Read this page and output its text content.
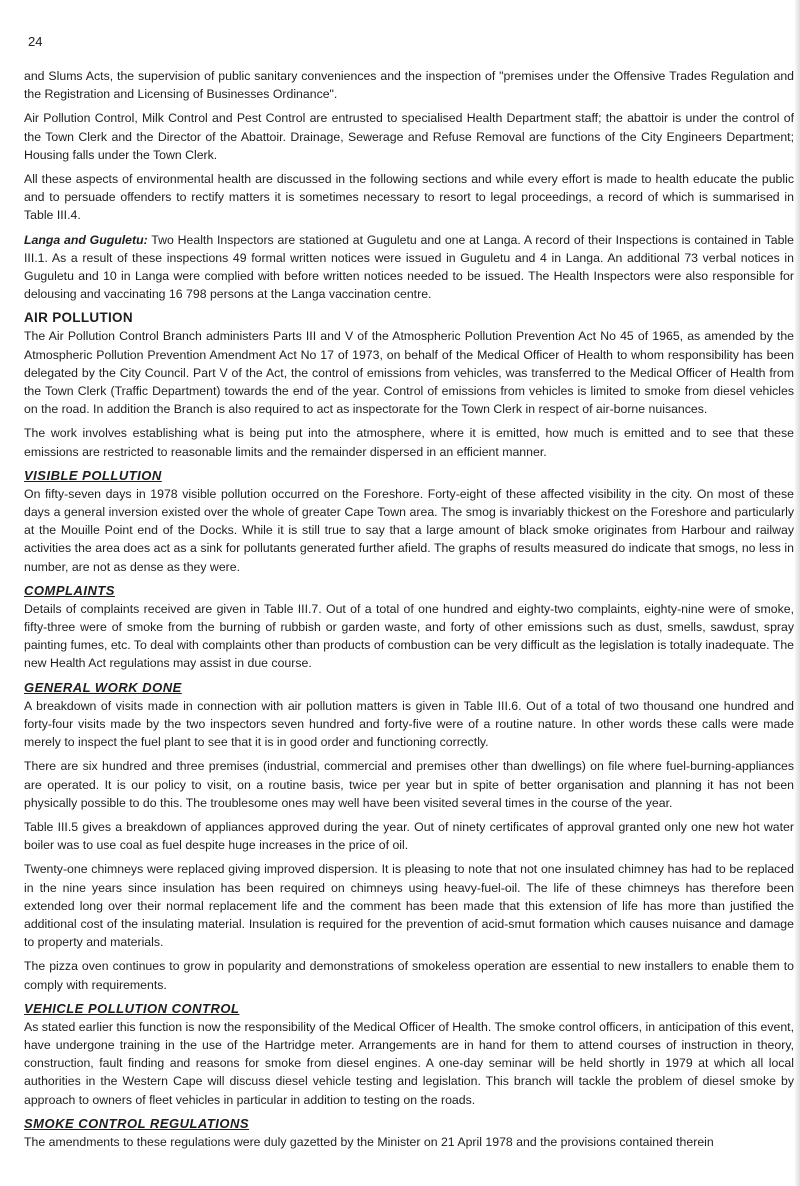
24

and Slums Acts, the supervision of public sanitary conveniences and the inspection of "premises under the Offensive Trades Regulation and the Registration and Licensing of Businesses Ordinance".

Air Pollution Control, Milk Control and Pest Control are entrusted to specialised Health Department staff; the abattoir is under the control of the Town Clerk and the Director of the Abattoir. Drainage, Sewerage and Refuse Removal are functions of the City Engineers Department; Housing falls under the Town Clerk.

All these aspects of environmental health are discussed in the following sections and while every effort is made to health educate the public and to persuade offenders to rectify matters it is sometimes necessary to resort to legal proceedings, a record of which is summarised in Table III.4.

Langa and Guguletu: Two Health Inspectors are stationed at Guguletu and one at Langa. A record of their Inspections is contained in Table III.1. As a result of these inspections 49 formal written notices were issued in Guguletu and 4 in Langa. An additional 73 verbal notices in Guguletu and 10 in Langa were complied with before written notices needed to be issued. The Health Inspectors were also responsible for delousing and vaccinating 16 798 persons at the Langa vaccination centre.

AIR POLLUTION

The Air Pollution Control Branch administers Parts III and V of the Atmospheric Pollution Prevention Act No 45 of 1965, as amended by the Atmospheric Pollution Prevention Amendment Act No 17 of 1973, on behalf of the Medical Officer of Health to whom responsibility has been delegated by the City Council. Part V of the Act, the control of emissions from vehicles, was transferred to the Medical Officer of Health from the Town Clerk (Traffic Department) towards the end of the year. Control of emissions from vehicles is limited to smoke from diesel vehicles on the road. In addition the Branch is also required to act as inspectorate for the Town Clerk in respect of air-borne nuisances.

The work involves establishing what is being put into the atmosphere, where it is emitted, how much is emitted and to see that these emissions are restricted to reasonable limits and the remainder dispersed in an efficient manner.

VISIBLE POLLUTION

On fifty-seven days in 1978 visible pollution occurred on the Foreshore. Forty-eight of these affected visibility in the city. On most of these days a general inversion existed over the whole of greater Cape Town area. The smog is invariably thickest on the Foreshore and particularly at the Mouille Point end of the Docks. While it is still true to say that a large amount of black smoke originates from Harbour and railway activities the area does act as a sink for pollutants generated further afield. The graphs of results measured do indicate that smogs, no less in number, are not as dense as they were.

COMPLAINTS

Details of complaints received are given in Table III.7. Out of a total of one hundred and eighty-two complaints, eighty-nine were of smoke, fifty-three were of smoke from the burning of rubbish or garden waste, and forty of other emissions such as dust, smells, sawdust, spray painting fumes, etc. To deal with complaints other than products of combustion can be very difficult as the legislation is totally inadequate. The new Health Act regulations may assist in due course.

GENERAL WORK DONE

A breakdown of visits made in connection with air pollution matters is given in Table III.6. Out of a total of two thousand one hundred and forty-four visits made by the two inspectors seven hundred and forty-five were of a routine nature. In other words these calls were made merely to inspect the fuel plant to see that it is in good order and functioning correctly.

There are six hundred and three premises (industrial, commercial and premises other than dwellings) on file where fuel-burning-appliances are operated. It is our policy to visit, on a routine basis, twice per year but in spite of better organisation and planning it has not been physically possible to do this. The troublesome ones may well have been visited several times in the course of the year.

Table III.5 gives a breakdown of appliances approved during the year. Out of ninety certificates of approval granted only one new hot water boiler was to use coal as fuel despite huge increases in the price of oil.

Twenty-one chimneys were replaced giving improved dispersion. It is pleasing to note that not one insulated chimney has had to be replaced in the nine years since insulation has been required on chimneys using heavy-fuel-oil. The life of these chimneys has therefore been extended long over their normal replacement life and the comment has been made that this extension of life has more than justified the additional cost of the insulating material. Insulation is required for the prevention of acid-smut formation which causes nuisance and damage to property and materials.

The pizza oven continues to grow in popularity and demonstrations of smokeless operation are essential to new installers to enable them to comply with requirements.

VEHICLE POLLUTION CONTROL

As stated earlier this function is now the responsibility of the Medical Officer of Health. The smoke control officers, in anticipation of this event, have undergone training in the use of the Hartridge meter. Arrangements are in hand for them to attend courses of instruction in theory, construction, fault finding and reasons for smoke from diesel engines. A one-day seminar will be held shortly in 1979 at which all local authorities in the Western Cape will discuss diesel vehicle testing and legislation. This branch will tackle the problem of diesel smoke by approach to owners of fleet vehicles in particular in addition to testing on the roads.

SMOKE CONTROL REGULATIONS

The amendments to these regulations were duly gazetted by the Minister on 21 April 1978 and the provisions contained therein
